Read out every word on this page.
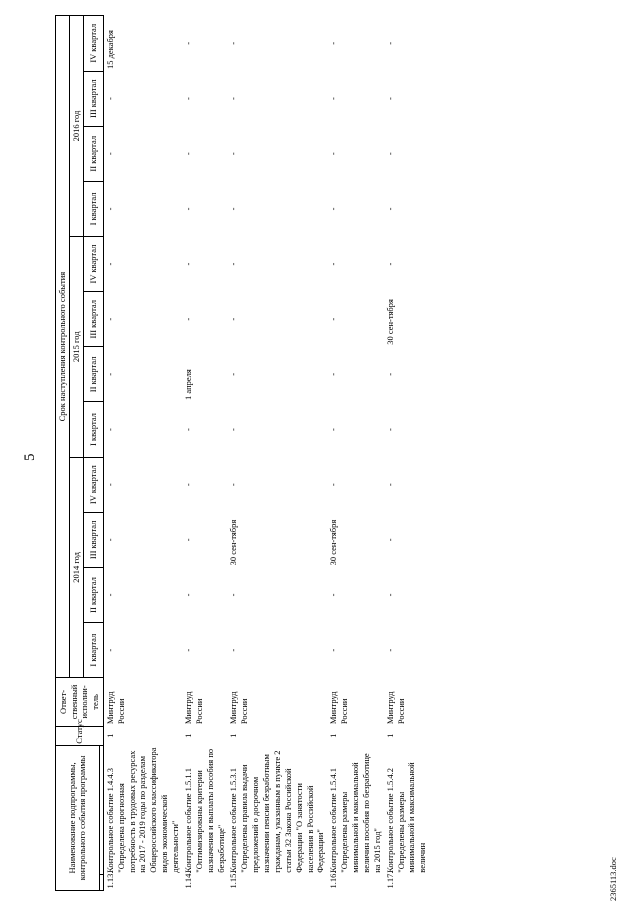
5
Наименование подпрограммы, контрольного события программы		Статус	Ответ-ственный исполни-тель	Срок наступления контрольного события											
				2014 год				2015 год				2016 год			
				I квартал	II квартал	III квартал	IV квартал	I квартал	II квартал	III квартал	IV квартал	I квартал	II квартал	III квартал	IV квартал

1.13.	Контрольное событие 1.4.4.3 "Определена прогнозная потребность в трудовых ресурсах на 2017 - 2019 годы по разделам Общероссийского классификатора видов экономической деятельности"	1	Минтруд России	-	-	-	-	-	-	-	-	-	-	-	15 декабря
1.14.	Контрольное событие 1.5.1.1 "Оптимизированы критерии назначения и выплаты пособия по безработице"	1	Минтруд России	-	-	-	-	-	1 апреля	-	-	-	-	-	-
1.15.	Контрольное событие 1.5.3.1 "Определены правила выдачи предложений о досрочном назначении пенсии безработным гражданам, указанным в пункте 2 статьи 32 Закона Российской Федерации "О занятости населения в Российской Федерации"	1	Минтруд России	-	-	30 сен-тября	-	-	-	-	-	-	-	-	-
1.16.	Контрольное событие 1.5.4.1 "Определены размеры минимальной и максимальной величин пособия по безработице на 2015 год"	1	Минтруд России	-	-	30 сен-тября	-	-	-	-	-	-	-	-	-
1.17.	Контрольное событие 1.5.4.2 "Определены размеры минимальной и максимальной величин	1	Минтруд России	-	-	-	-	-	-	30 сен-тября	-	-	-	-	-
2365113.doc
